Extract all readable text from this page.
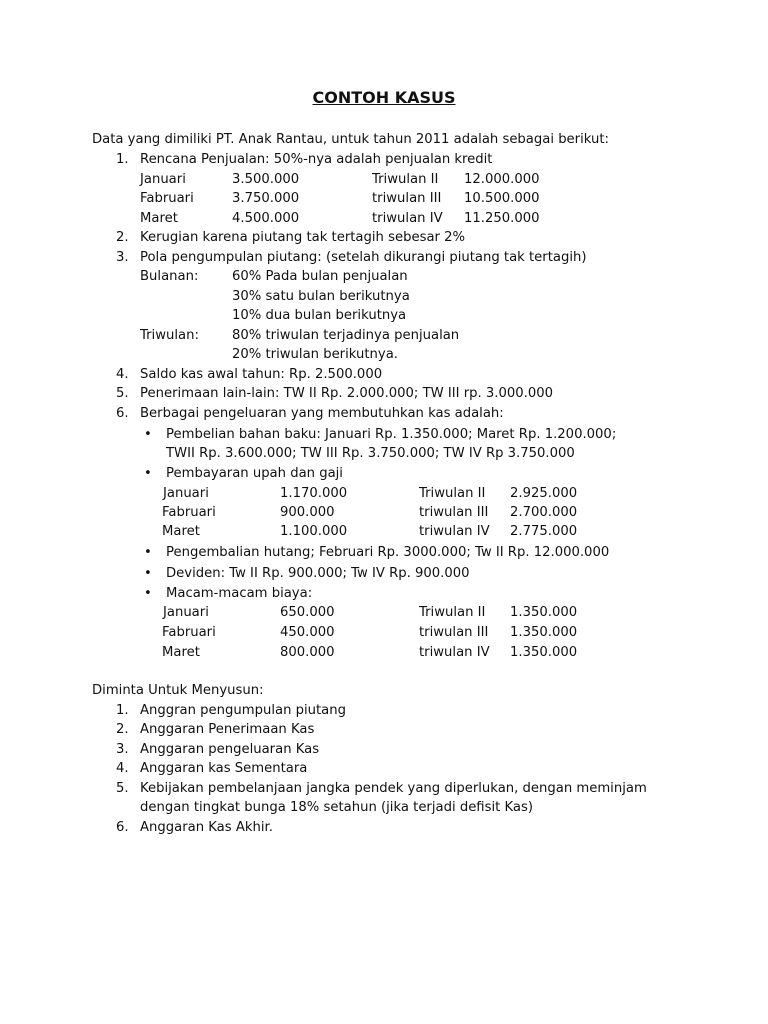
CONTOH KASUS
Data yang dimiliki PT. Anak Rantau, untuk tahun 2011 adalah sebagai berikut:
1. Rencana Penjualan: 50%-nya adalah penjualan kredit
Januari	3.500.000	Triwulan II 12.000.000
Fabruari	3.750.000	triwulan III 10.500.000
Maret	4.500.000	triwulan IV 11.250.000
2. Kerugian karena piutang tak tertagih sebesar 2%
3. Pola pengumpulan piutang: (setelah dikurangi piutang tak tertagih)
Bulanan:	60% Pada bulan penjualan
30% satu bulan berikutnya
10% dua bulan berikutnya
Triwulan:	80% triwulan terjadinya penjualan
20% triwulan berikutnya.
4. Saldo kas awal tahun: Rp. 2.500.000
5. Penerimaan lain-lain: TW II Rp. 2.000.000; TW III rp. 3.000.000
6. Berbagai pengeluaran yang membutuhkan kas adalah:
• Pembelian bahan baku: Januari Rp. 1.350.000; Maret Rp. 1.200.000;
TWII Rp. 3.600.000; TW III Rp. 3.750.000; TW IV Rp 3.750.000
• Pembayaran upah dan gaji
Januari	1.170.000	Triwulan II 2.925.000
Fabruari	900.000	triwulan III 2.700.000
Maret	1.100.000	triwulan IV 2.775.000
• Pengembalian hutang; Februari Rp. 3000.000; Tw II Rp. 12.000.000
• Deviden: Tw II Rp. 900.000; Tw IV Rp. 900.000
• Macam-macam biaya:
Januari	650.000	Triwulan II 1.350.000
Fabruari	450.000	triwulan III 1.350.000
Maret	800.000	triwulan IV 1.350.000
Diminta Untuk Menyusun:
1. Anggran pengumpulan piutang
2. Anggaran Penerimaan Kas
3. Anggaran pengeluaran Kas
4. Anggaran kas Sementara
5. Kebijakan pembelanjaan jangka pendek yang diperlukan, dengan meminjam
dengan tingkat bunga 18% setahun (jika terjadi defisit Kas)
6. Anggaran Kas Akhir.
